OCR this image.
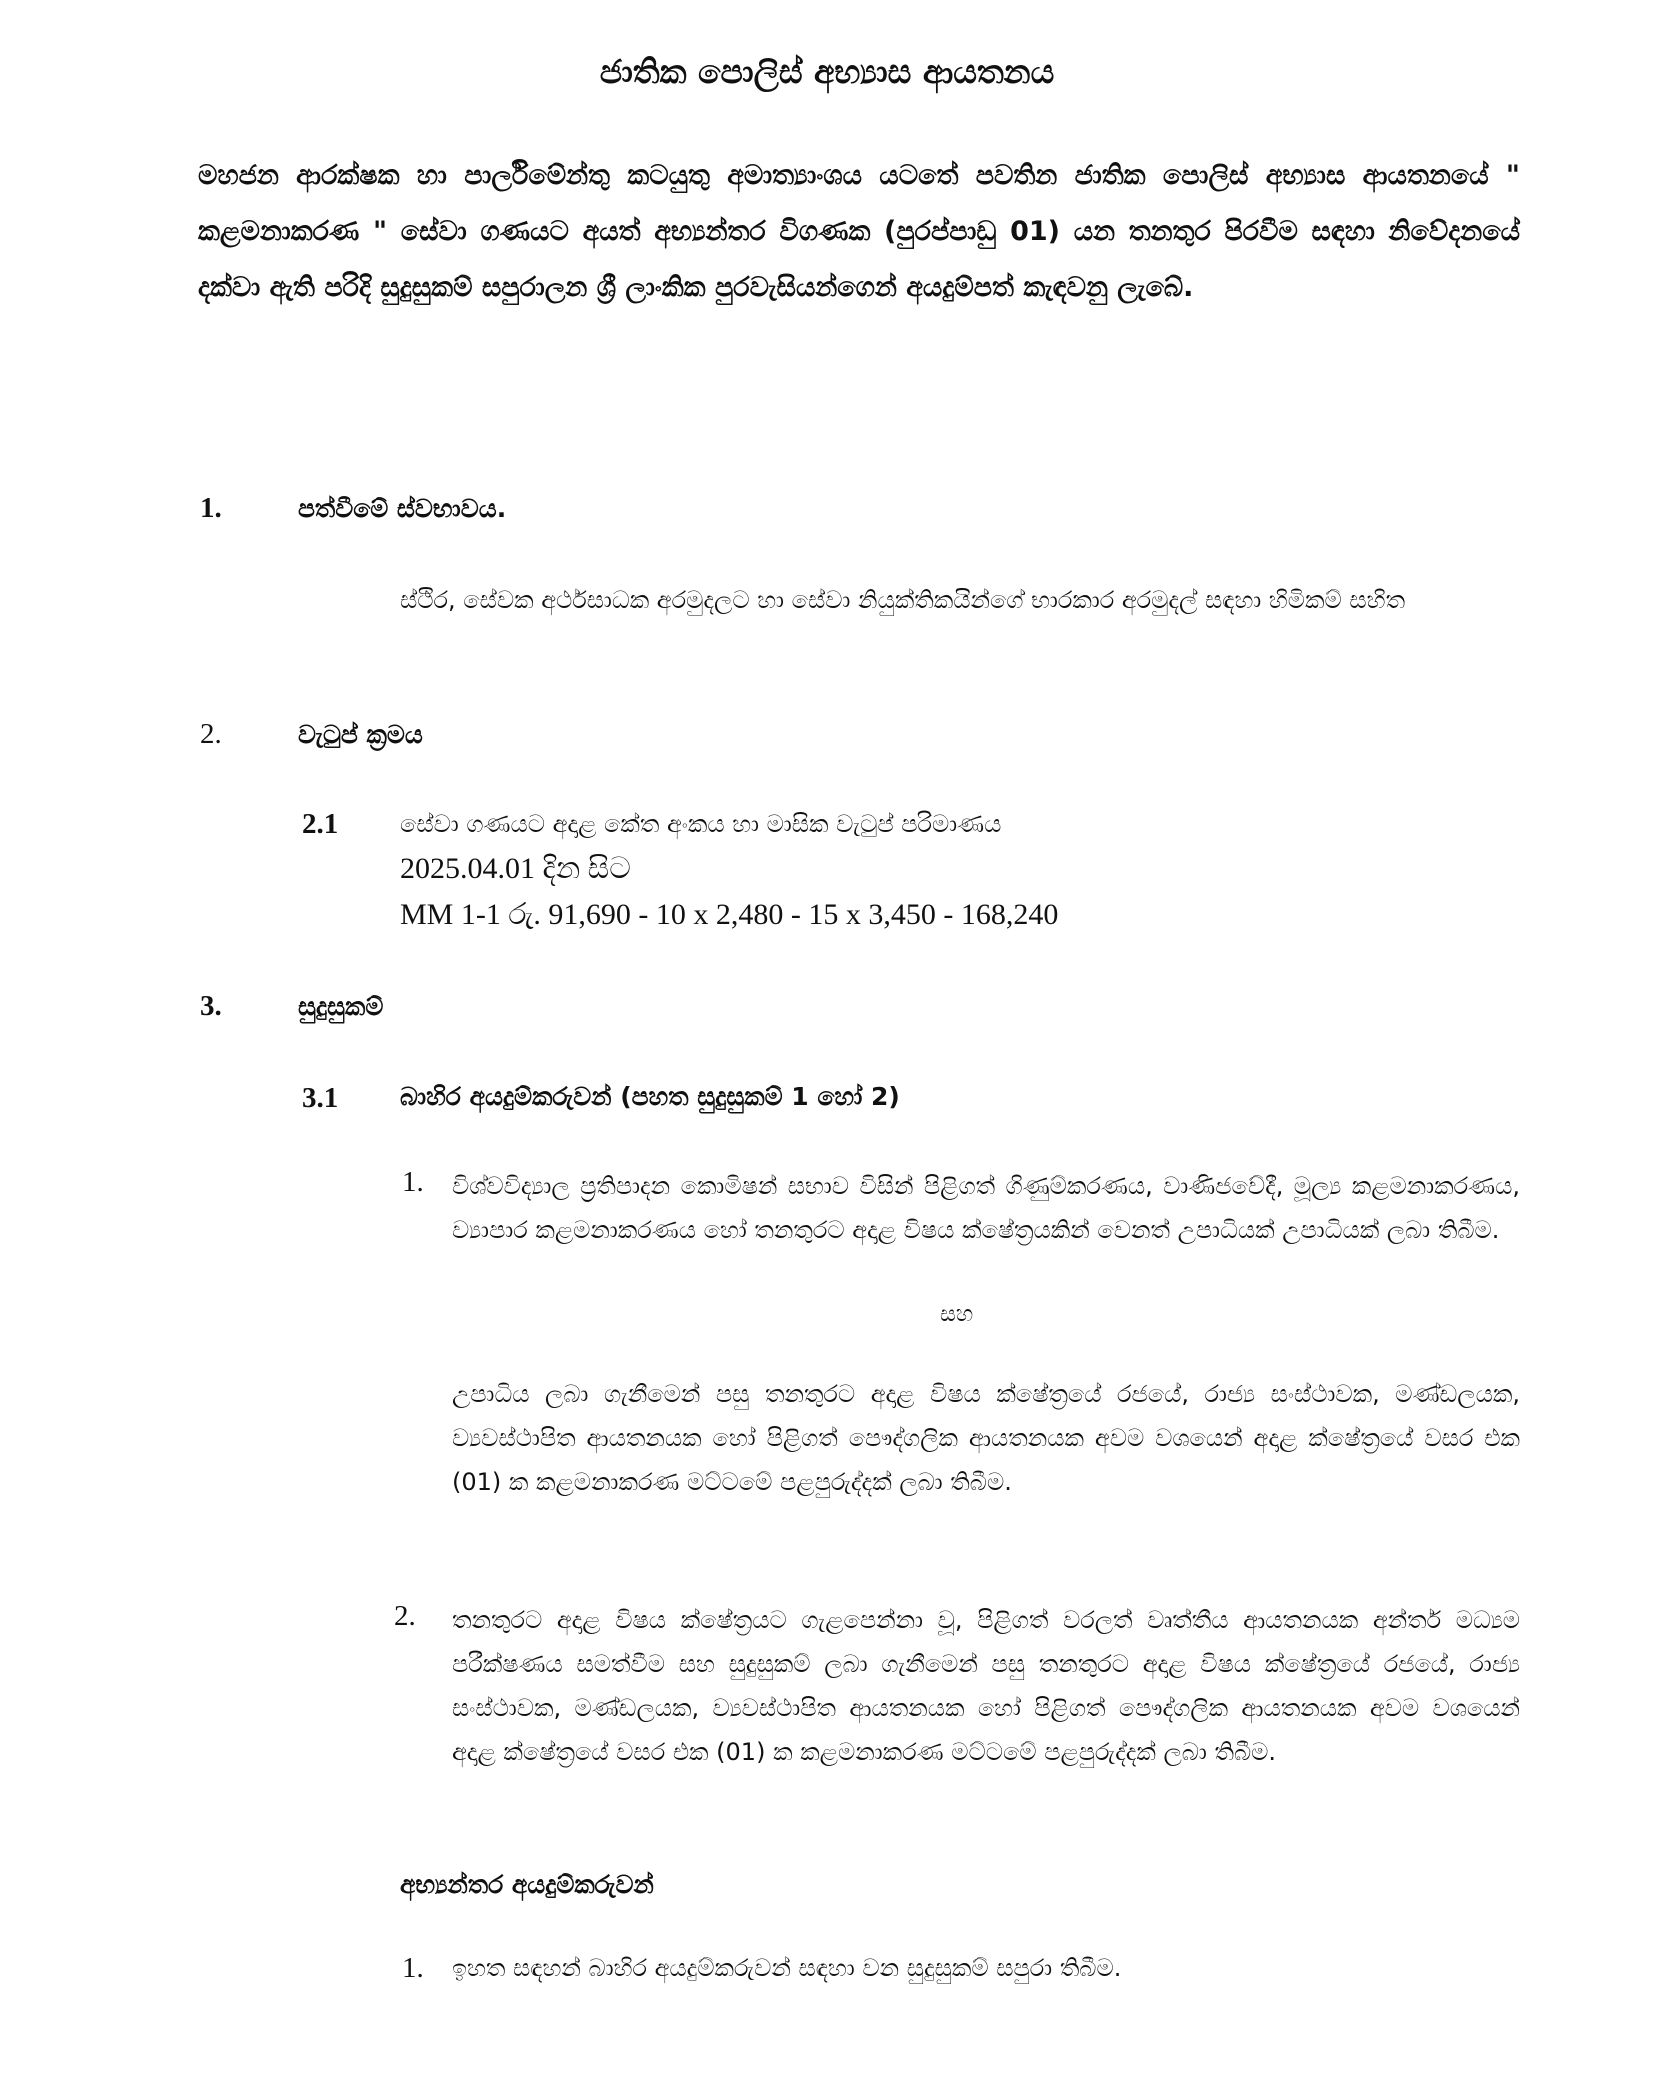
ජාතික පොලිස් අභ්‍යාස ආයතනය
මහජන ආරක්ෂක හා පාර්ලිමේන්තු කටයුතු අමාත්‍යාංශය යටතේ පවතින ජාතික පොලිස් අභ්‍යාස ආයතනයේ " කළමනාකරණ " සේවා ගණයට අයත් අභ්‍යන්තර විගණක (පුරප්පාඩු 01) යන තනතුර පිරවීම සඳහා නිවේදනයේ දක්වා ඇති පරිදි සුදුසුකම් සපුරාලන ශ්‍රී ලාංකික පුරවැසියන්ගෙන් අයදුම්පත් කැඳවනු ලැබේ.
1.	පත්වීමේ ස්වභාවය.
ස්ථිර, සේවක අර්ථසාධක අරමුදලට හා සේවා නියුක්තිකයින්ගේ භාරකාර අරමුදල් සඳහා හිමිකම් සහිත
2.	වැටුප් ක්‍රමය
2.1	සේවා ගණයට අදාළ කේත අංකය හා මාසික වැටුප් පරිමාණය
2025.04.01 දින සිට
MM 1-1 රු. 91,690 - 10 x 2,480 - 15 x 3,450 - 168,240
3.	සුදුසුකම්
3.1 බාහිර අයදුම්කරුවන් (පහත සුදුසුකම් 1 හෝ 2)
1. විශ්වවිද්‍යාල ප්‍රතිපාදන කොමිෂන් සභාව විසින් පිළිගත් ගිණුම්කරණය, වාණිජවේදී, මූල්‍ය කළමනාකරණය, ව්‍යාපාර කළමනාකරණය හෝ තනතුරට අදාළ විෂය ක්ෂේත්‍රයකින් වෙනත් උපාධියක් උපාධියක් ලබා තිබීම.
සහ
උපාධිය ලබා ගැනීමෙන් පසු තනතුරට අදාළ විෂය ක්ෂේත්‍රයේ රජයේ, රාජ්‍ය සංස්ථාවක, මණ්ඩලයක, ව්‍යවස්ථාපිත ආයතනයක හෝ පිළිගත් පෞද්ගලික ආයතනයක අවම වශයෙන් අදාළ ක්ෂේත්‍රයේ වසර එක (01) ක කළමනාකරණ මට්ටමේ පළපුරුද්දක් ලබා තිබීම.
2. තනතුරට අදාළ විෂය ක්ෂේත්‍රයට ගැළපෙන්නා වූ, පිළිගත් වරලත් වෘත්තීය ආයතනයක අන්තර් මධ්‍යම පරීක්ෂණය සමත්වීම සහ සුදුසුකම් ලබා ගැනීමෙන් පසු තනතුරට අදාළ විෂය ක්ෂේත්‍රයේ රජයේ, රාජ්‍ය සංස්ථාවක, මණ්ඩලයක, ව්‍යවස්ථාපිත ආයතනයක හෝ පිළිගත් පෞද්ගලික ආයතනයක අවම වශයෙන් අදාළ ක්ෂේත්‍රයේ වසර එක (01) ක කළමනාකරණ මට්ටමේ පළපුරුද්දක් ලබා තිබීම.
අභ්‍යන්තර අයදුම්කරුවන්
1. ඉහත සඳහන් බාහිර අයදුම්කරුවන් සඳහා වන සුදුසුකම් සපුරා තිබීම.
